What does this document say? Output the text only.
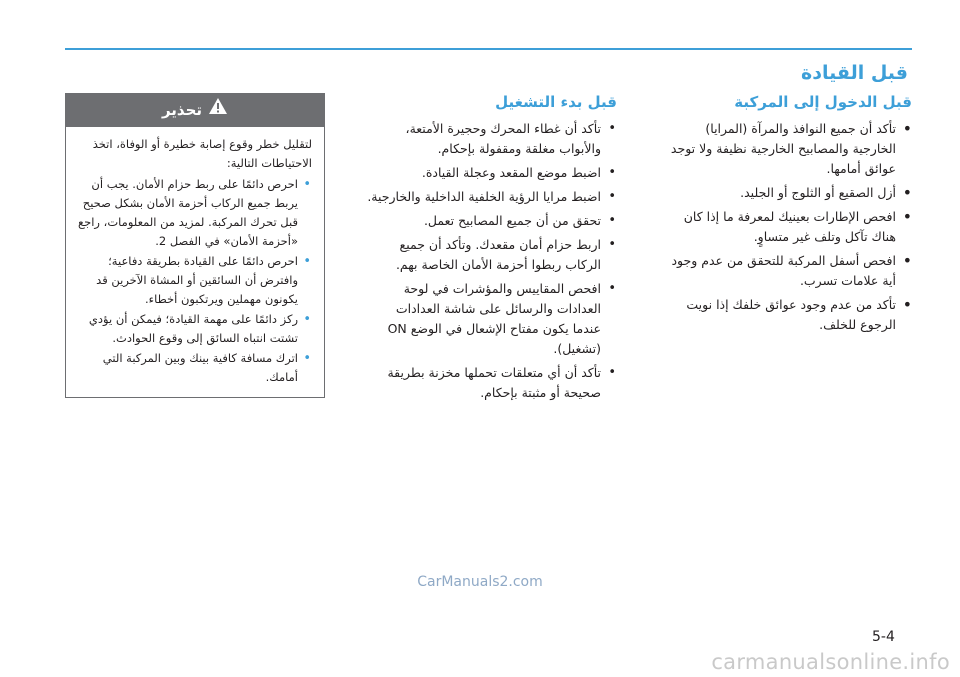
قبل القيادة
قبل الدخول إلى المركبة
• تأكد أن جميع النوافذ والمرآة (المرايا) الخارجية والمصابيح الخارجية نظيفة ولا توجد عوائق أمامها.
• أزل الصقيع أو الثلوج أو الجليد.
• افحص الإطارات بعينيك لمعرفة ما إذا كان هناك تآكل وتلف غير متساوٍ.
• افحص أسفل المركبة للتحقق من عدم وجود أية علامات تسرب.
• تأكد من عدم وجود عوائق خلفك إذا نويت الرجوع للخلف.
قبل بدء التشغيل
• تأكد أن غطاء المحرك وحجيرة الأمتعة، والأبواب مغلقة ومقفولة بإحكام.
• اضبط موضع المقعد وعجلة القيادة.
• اضبط مرايا الرؤية الخلفية الداخلية والخارجية.
• تحقق من أن جميع المصابيح تعمل.
• اربط حزام أمان مقعدك. وتأكد أن جميع الركاب ربطوا أحزمة الأمان الخاصة بهم.
• افحص المقاييس والمؤشرات في لوحة العدادات والرسائل على شاشة العدادات عندما يكون مفتاح الإشعال في الوضع ON (تشغيل).
• تأكد أن أي متعلقات تحملها مخزنة بطريقة صحيحة أو مثبتة بإحكام.
تحذير

لتقليل خطر وقوع إصابة خطيرة أو الوفاة، اتخذ الاحتياطات التالية:

• احرص دائمًا على ربط حزام الأمان. يجب أن يربط جميع الركاب أحزمة الأمان بشكل صحيح قبل تحرك المركبة. لمزيد من المعلومات، راجع «أحزمة الأمان» في الفصل 2.
• احرص دائمًا على القيادة بطريقة دفاعية؛ وافترض أن السائقين أو المشاة الآخرين قد يكونون مهملين ويرتكبون أخطاء.
• ركز دائمًا على مهمة القيادة؛ فيمكن أن يؤدي تشتت انتباه السائق إلى وقوع الحوادث.
• اترك مسافة كافية بينك وبين المركبة التي أمامك.
CarManuals2.com
5-4
carmanualsonline.info
